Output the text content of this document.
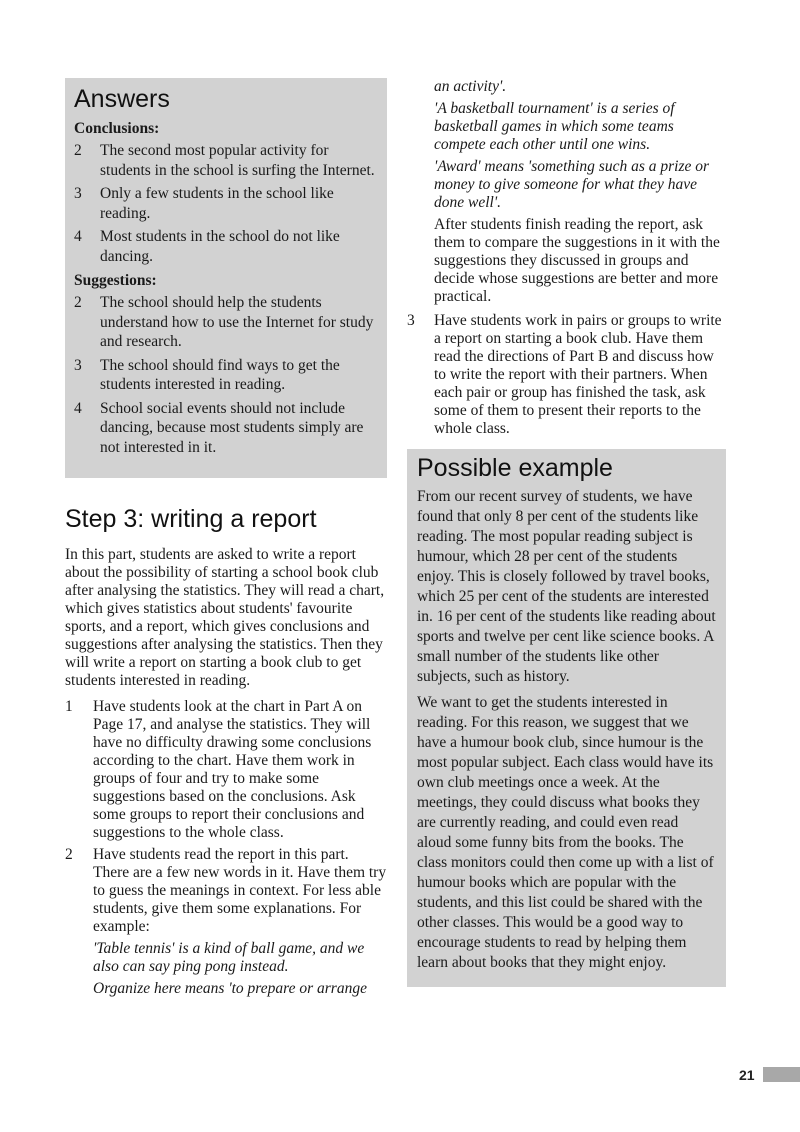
Answers
Conclusions:
2	The second most popular activity for students in the school is surfing the Internet.
3	Only a few students in the school like reading.
4	Most students in the school do not like dancing.
Suggestions:
2	The school should help the students understand how to use the Internet for study and research.
3	The school should find ways to get the students interested in reading.
4	School social events should not include dancing, because most students simply are not interested in it.
Step 3: writing a report

In this part, students are asked to write a report about the possibility of starting a school book club after analysing the statistics. They will read a chart, which gives statistics about students' favourite sports, and a report, which gives conclusions and suggestions after analysing the statistics. Then they will write a report on starting a book club to get students interested in reading.

1	Have students look at the chart in Part A on Page 17, and analyse the statistics. They will have no difficulty drawing some conclusions according to the chart. Have them work in groups of four and try to make some suggestions based on the conclusions. Ask some groups to report their conclusions and suggestions to the whole class.
2	Have students read the report in this part. There are a few new words in it. Have them try to guess the meanings in context. For less able students, give them some explanations. For example:
'Table tennis' is a kind of ball game, and we also can say ping pong instead.
Organize here means 'to prepare or arrange
an activity'.
'A basketball tournament' is a series of basketball games in which some teams compete each other until one wins.
'Award' means 'something such as a prize or money to give someone for what they have done well'.

After students finish reading the report, ask them to compare the suggestions in it with the suggestions they discussed in groups and decide whose suggestions are better and more practical.

3	Have students work in pairs or groups to write a report on starting a book club. Have them read the directions of Part B and discuss how to write the report with their partners. When each pair or group has finished the task, ask some of them to present their reports to the whole class.
Possible example

From our recent survey of students, we have found that only 8 per cent of the students like reading. The most popular reading subject is humour, which 28 per cent of the students enjoy. This is closely followed by travel books, which 25 per cent of the students are interested in. 16 per cent of the students like reading about sports and twelve per cent like science books. A small number of the students like other subjects, such as history.

We want to get the students interested in reading. For this reason, we suggest that we have a humour book club, since humour is the most popular subject. Each class would have its own club meetings once a week. At the meetings, they could discuss what books they are currently reading, and could even read aloud some funny bits from the books. The class monitors could then come up with a list of humour books which are popular with the students, and this list could be shared with the other classes. This would be a good way to encourage students to read by helping them learn about books that they might enjoy.

21
